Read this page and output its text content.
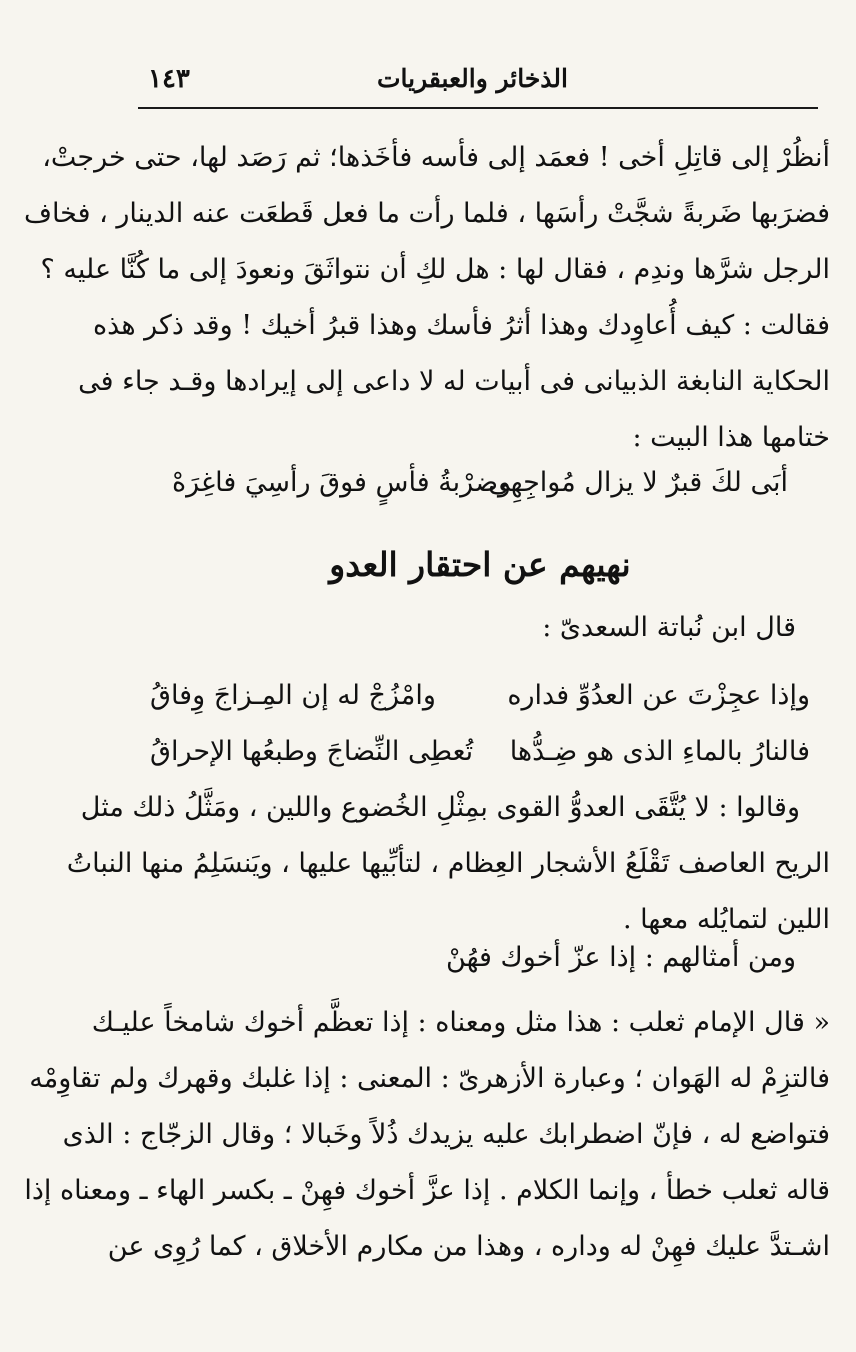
الذخائر والعبقريات
١٤٣
أنظُرْ إلى قاتِلِ أخى ! فعمَد إلى فأسه فأخَذها؛ ثم رَصَد لها، حتى خرجتْ،
فضرَبها ضَربةً شجَّتْ رأسَها ، فلما رأت ما فعل قَطعَت عنه الدينار ، فخاف
الرجل شرَّها وندِم ، فقال لها : هل لكِ أن نتواثَقَ ونعودَ إلى ما كُنَّا عليه ؟
فقالت : كيف أُعاوِدك وهذا أثرُ فأسك وهذا قبرُ أخيك ! وقد ذكر هذه
الحكاية النابغة الذبيانى فى أبيات له لا داعى إلى إيرادها وقـد جاء فى
ختامها هذا البيت :
أبَى لكَ قبرٌ لا يزال مُواجِهِى
وضرْبةُ فأسٍ فوقَ رأسِيَ فاغِرَهْ
نهيهم عن احتقار العدو
قال ابن نُباتة السعدىّ :
وإذا عجِزْتَ عن العدُوِّ فداره
وامْزُجْ له إن المِـزاجَ وِفاقُ
فالنارُ بالماءِ الذى هو ضِـدُّها
تُعطِى النِّضاجَ وطبعُها الإحراقُ
وقالوا : لا يُتَّقَى العدوُّ القوى بمِثْلِ الخُضوع واللين ، ومَثَّلُ ذلك مثل
الريح العاصف تَقْلَعُ الأشجار العِظام ، لتأبِّيها عليها ، ويَنسَلِمُ منها النباتُ
اللين لتمايُله معها .
ومن أمثالهم : إذا عزّ أخوك فهُنْ
« قال الإمام ثعلب : هذا مثل ومعناه : إذا تعظَّم أخوك شامخاً عليـك
فالتزِمْ له الهَوان ؛ وعبارة الأزهرىّ : المعنى : إذا غلبك وقهرك ولم تقاوِمْه
فتواضع له ، فإنّ اضطرابك عليه يزيدك ذُلاً وخَبالا ؛ وقال الزجّاج : الذى
قاله ثعلب خطأ ، وإنما الكلام . إذا عزَّ أخوك فهِنْ ـ بكسر الهاء ـ ومعناه إذا
اشـتدَّ عليك فهِنْ له وداره ، وهذا من مكارم الأخلاق ، كما رُوِى عن
